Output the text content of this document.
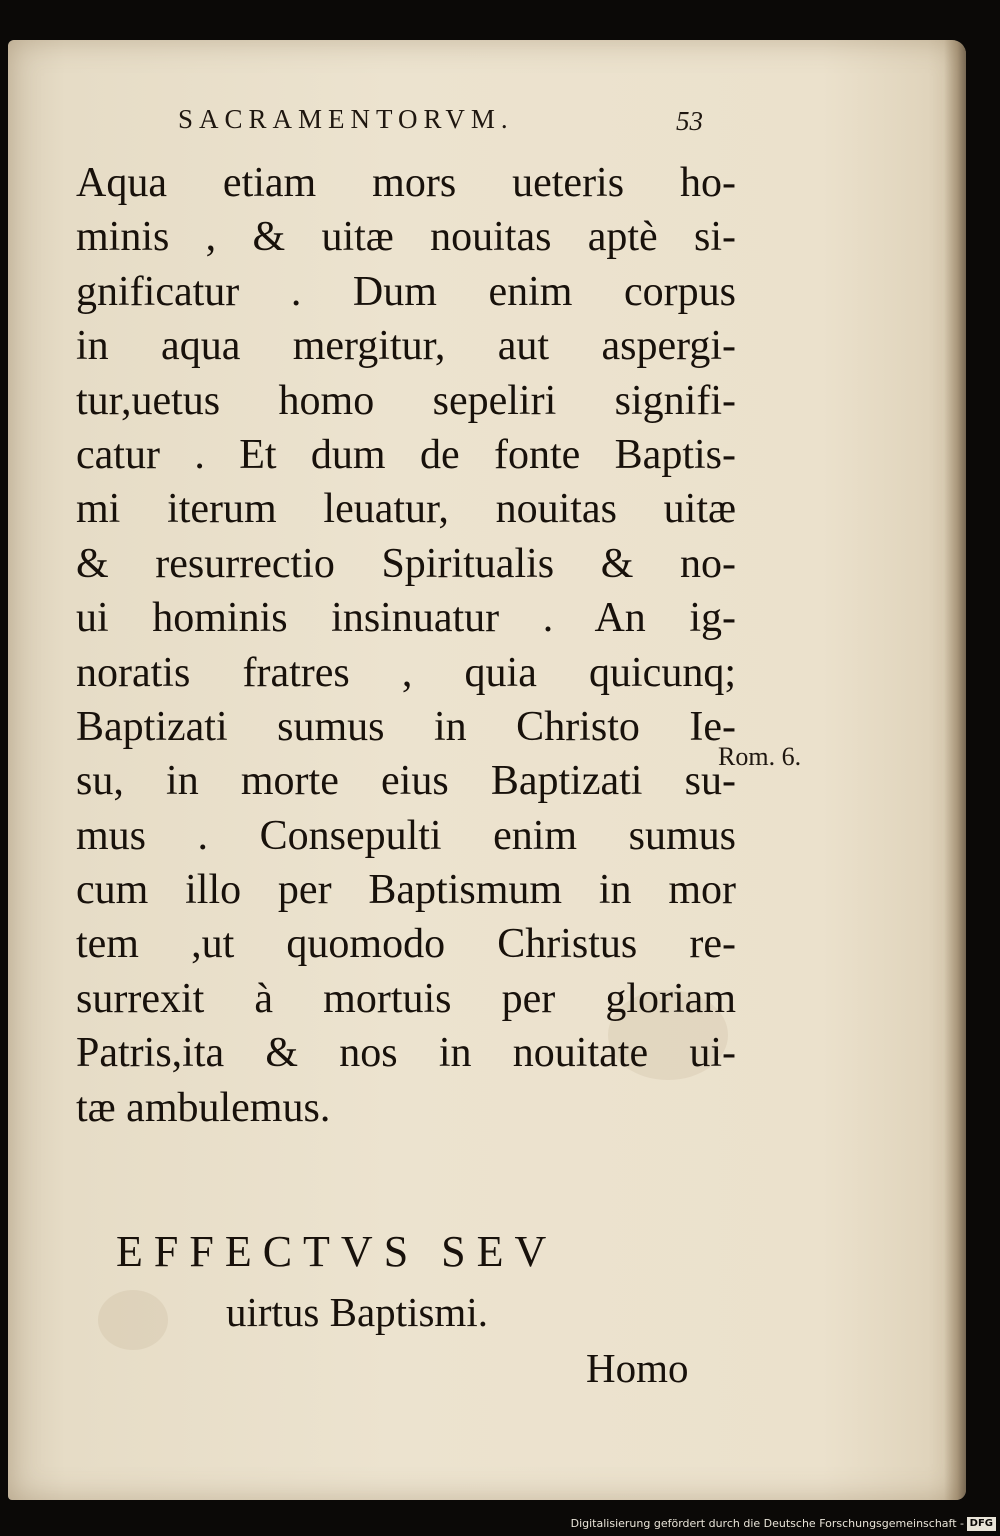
SACRAMENTORVM.	53
Aqua etiam mors ueteris ho-
minis , & uitæ nouitas aptè si-
gnificatur . Dum enim corpus
in aqua mergitur, aut aspergi-
tur,uetus homo sepeliri signifi-
catur . Et dum de fonte Baptis-
mi iterum leuatur, nouitas uitæ
& resurrectio Spiritualis & no-
ui hominis insinuatur . An ig-
noratis fratres , quia quicunq;
Baptizati sumus in Christo Ie-
su, in morte eius Baptizati su-
mus . Consepulti enim sumus
cum illo per Baptismum in mor
tem ,ut quomodo Christus re-
surrexit à mortuis per gloriam
Patris,ita & nos in nouitate ui-
tæ ambulemus.
Rom. 6.
EFFECTVS SEV
uirtus Baptismi.
Homo
Digitalisierung gefördert durch die Deutsche Forschungsgemeinschaft - DFG
